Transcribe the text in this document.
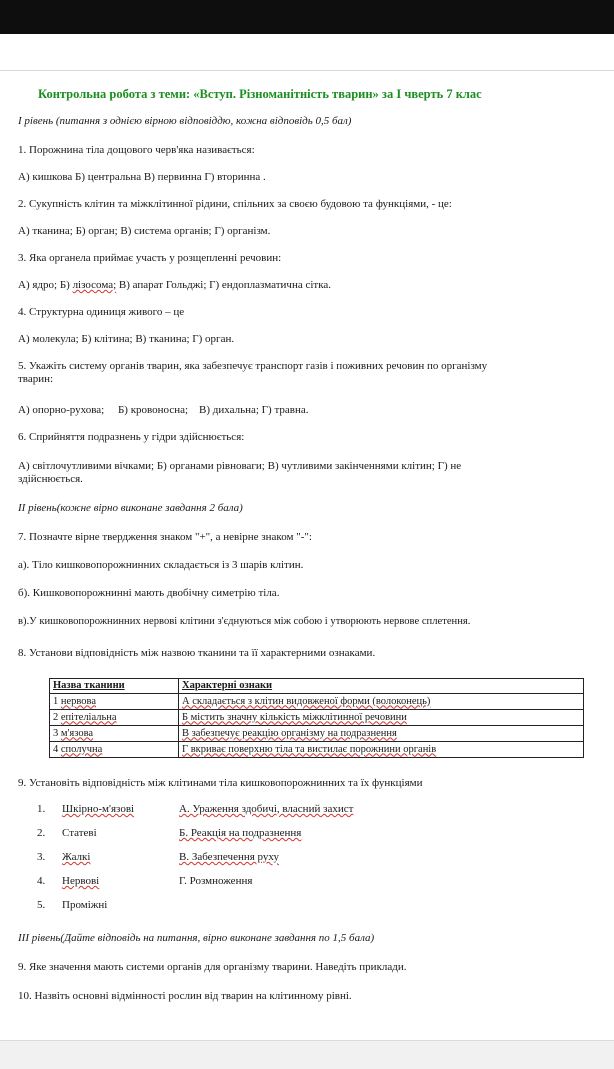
Контрольна робота з теми: «Вступ. Різноманітність тварин» за І чверть 7 клас
І рівень (питання з однією вірною відповіддю, кожна відповідь 0,5 бал)
1. Порожнина тіла дощового черв'яка називається:
А) кишкова Б) центральна В) первинна Г) вторинна .
2. Сукупність клітин та міжклітинної рідини, спільних за своєю будовою та функціями, - це:
А) тканина; Б) орган; В) система органів; Г) організм.
3. Яка органела приймає участь у розщепленні речовин:
А) ядро; Б) лізосома; В) апарат Гольджі; Г) ендоплазматична сітка.
4. Структурна одиниця живого – це
А) молекула; Б) клітина; В) тканина; Г) орган.
5. Укажіть систему органів тварин, яка забезпечує транспорт газів і поживних речовин по організму
тварин:
А) опорно-рухова;     Б) кровоносна;    В) дихальна; Г) травна.
6. Сприйняття подразнень у гідри здійснюється:
А) світлочутливими вічками; Б) органами рівноваги; В) чутливими закінченнями клітин; Г) не
здійснюється.
ІІ рівень(кожне вірно виконане завдання 2 бала)
7. Позначте вірне твердження знаком "+", а невірне знаком "-":
а). Тіло кишковопорожнинних складається із 3 шарів клітин.
б). Кишковопорожнинні мають двобічну симетрію тіла.
в).У кишковопорожнинних нервові клітини з'єднуються між собою і утворюють нервове сплетення.
8. Установи відповідність між назвою тканини та її характерними ознаками.
Назва тканини	Характерні ознаки
1 нервова	А складається з клітин видовженої форми (волоконець)
2 епітеліальна	Б містить значну кількість міжклітинної речовини
3 м'язова	В забезпечує реакцію організму на подразнення
4 сполучна	Г вкриває поверхню тіла та вистилає порожнини органів
9. Установіть відповідність між клітинами тіла кишковопорожнинних та їх функціями
1. Шкірно-м'язові	А. Ураження здобичі, власний захист
2. Статеві	Б. Реакція на подразнення
3. Жалкі	В. Забезпечення руху
4. Нервові	Г. Розмноження
5. Проміжні
ІІІ рівень(Дайте відповідь на питання, вірно виконане завдання по 1,5 бала)
9. Яке значення мають системи органів для організму тварини. Наведіть приклади.
10. Назвіть основні відмінності рослин від тварин на клітинному рівні.
